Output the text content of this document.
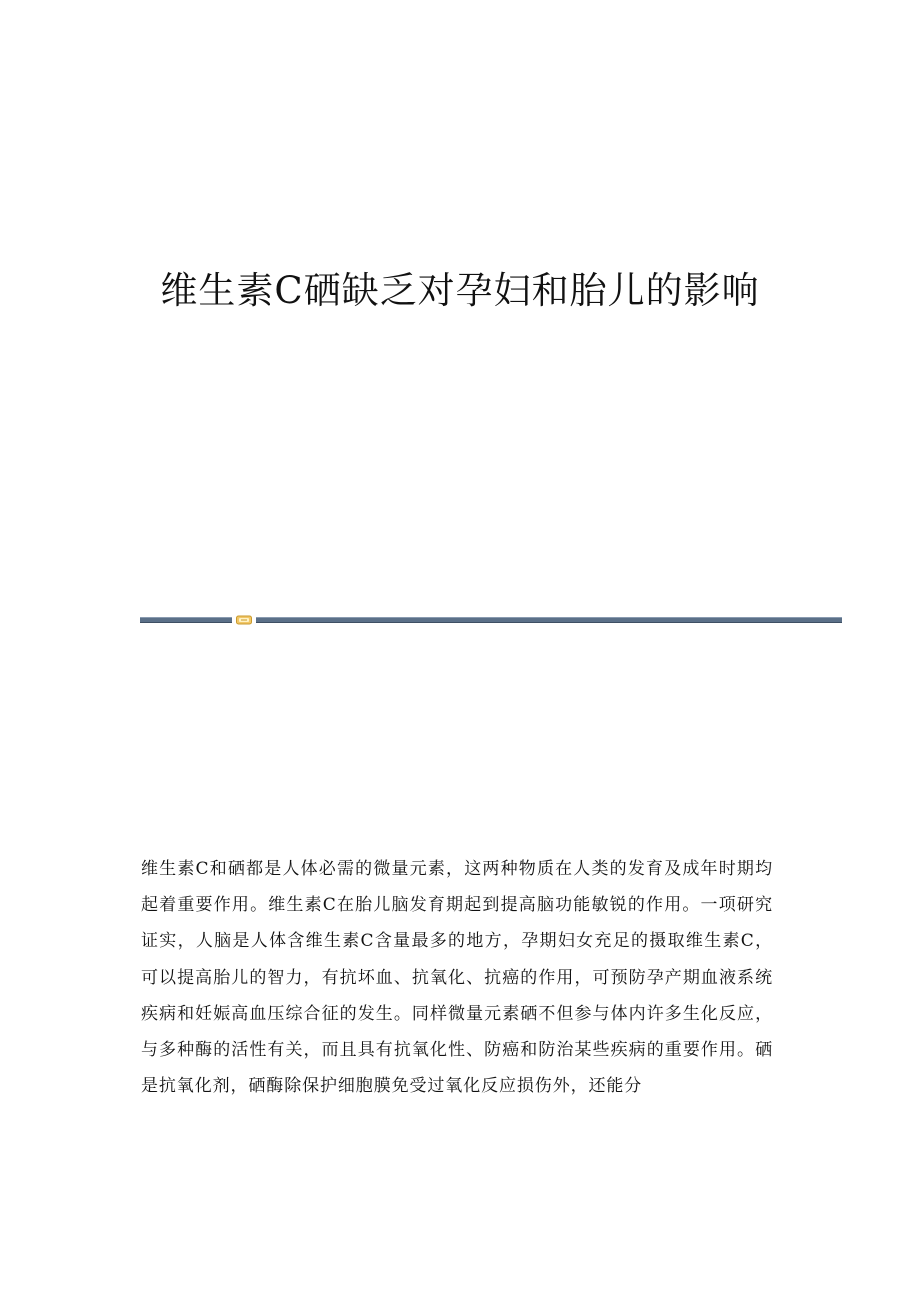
维生素C硒缺乏对孕妇和胎儿的影响

维生素C和硒都是人体必需的微量元素，这两种物质在人类的发育及成年时期均起着重要作用。维生素C在胎儿脑发育期起到提高脑功能敏锐的作用。一项研究证实，人脑是人体含维生素C含量最多的地方，孕期妇女充足的摄取维生素C，可以提高胎儿的智力，有抗坏血、抗氧化、抗癌的作用，可预防孕产期血液系统疾病和妊娠高血压综合征的发生。同样微量元素硒不但参与体内许多生化反应，与多种酶的活性有关，而且具有抗氧化性、防癌和防治某些疾病的重要作用。硒是抗氧化剂，硒酶除保护细胞膜免受过氧化反应损伤外，还能分
